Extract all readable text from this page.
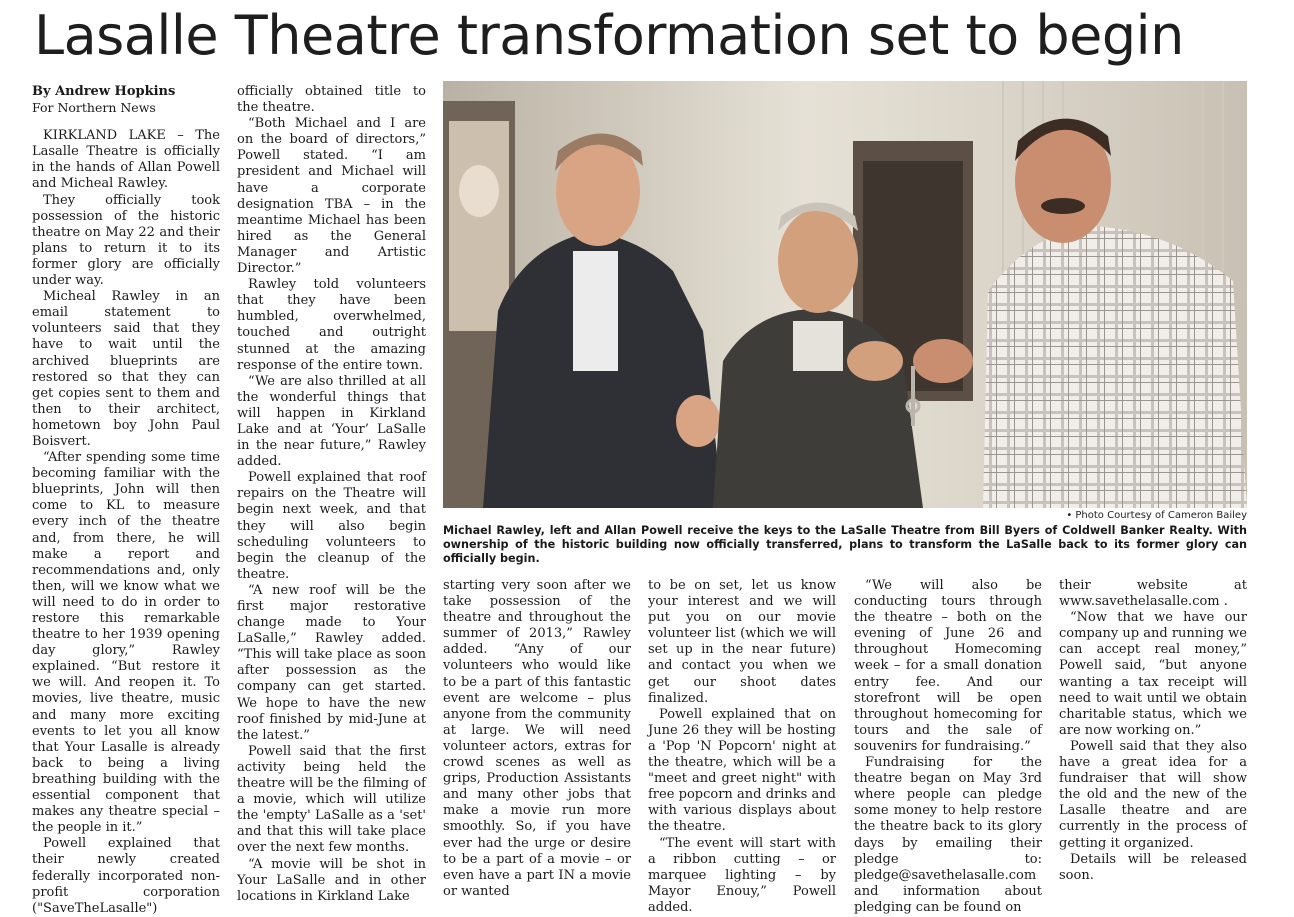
Lasalle Theatre transformation set to begin

By Andrew Hopkins

For Northern News

KIRKLAND LAKE – The Lasalle Theatre is officially in the hands of Allan Powell and Micheal Rawley.

They officially took possession of the historic theatre on May 22 and their plans to return it to its former glory are officially under way.

Micheal Rawley in an email statement to volunteers said that they have to wait until the archived blueprints are restored so that they can get copies sent to them and then to their architect, hometown boy John Paul Boisvert.

“After spending some time becoming familiar with the blueprints, John will then come to KL to measure every inch of the theatre and, from there, he will make a report and recommendations and, only then, will we know what we will need to do in order to restore this remarkable theatre to her 1939 opening day glory,” Rawley explained. “But restore it we will. And reopen it. To movies, live theatre, music and many more exciting events to let you all know that Your Lasalle is already back to being a living breathing building with the essential component that makes any theatre special – the people in it.”

Powell explained that their newly created federally incorporated non-profit corporation ("SaveTheLasalle")

officially obtained title to the theatre.

“Both Michael and I are on the board of directors,” Powell stated. “I am president and Michael will have a corporate designation TBA – in the meantime Michael has been hired as the General Manager and Artistic Director.”

Rawley told volunteers that they have been humbled, overwhelmed, touched and outright stunned at the amazing response of the entire town.

“We are also thrilled at all the wonderful things that will happen in Kirkland Lake and at ‘Your’ LaSalle in the near future,” Rawley added.

Powell explained that roof repairs on the Theatre will begin next week, and that they will also begin scheduling volunteers to begin the cleanup of the theatre.

“A new roof will be the first major restorative change made to Your LaSalle,” Rawley added. “This will take place as soon after possession as the company can get started. We hope to have the new roof finished by mid-June at the latest.”

Powell said that the first activity being held the theatre will be the filming of a movie, which will utilize the 'empty' LaSalle as a 'set' and that this will take place over the next few months.

“A movie will be shot in Your LaSalle and in other locations in Kirkland Lake

• Photo Courtesy of Cameron Bailey
Michael Rawley, left and Allan Powell receive the keys to the LaSalle Theatre from Bill Byers of Coldwell Banker Realty. With ownership of the historic building now officially transferred, plans to transform the LaSalle back to its former glory can officially begin.

starting very soon after we take possession of the theatre and throughout the summer of 2013,” Rawley added. “Any of our volunteers who would like to be a part of this fantastic event are welcome – plus anyone from the community at large. We will need volunteer actors, extras for crowd scenes as well as grips, Production Assistants and many other jobs that make a movie run more smoothly. So, if you have ever had the urge or desire to be a part of a movie – or even have a part IN a movie or wanted

to be on set, let us know your interest and we will put you on our movie volunteer list (which we will set up in the near future) and contact you when we get our shoot dates finalized.

Powell explained that on June 26 they will be hosting a 'Pop 'N Popcorn' night at the theatre, which will be a "meet and greet night" with free popcorn and drinks and with various displays about the theatre.

“The event will start with a ribbon cutting – or marquee lighting – by Mayor Enouy,” Powell added.

“We will also be conducting tours through the theatre – both on the evening of June 26 and throughout Homecoming week – for a small donation entry fee. And our storefront will be open throughout homecoming for tours and the sale of souvenirs for fundraising.”

Fundraising for the theatre began on May 3rd where people can pledge some money to help restore the theatre back to its glory days by emailing their pledge to: pledge@savethelasalle.com and information about pledging can be found on

their website at www.savethelasalle.com .

“Now that we have our company up and running we can accept real money,” Powell said, “but anyone wanting a tax receipt will need to wait until we obtain charitable status, which we are now working on.”

Powell said that they also have a great idea for a fundraiser that will show the old and the new of the Lasalle theatre and are currently in the process of getting it organized.

Details will be released soon.
